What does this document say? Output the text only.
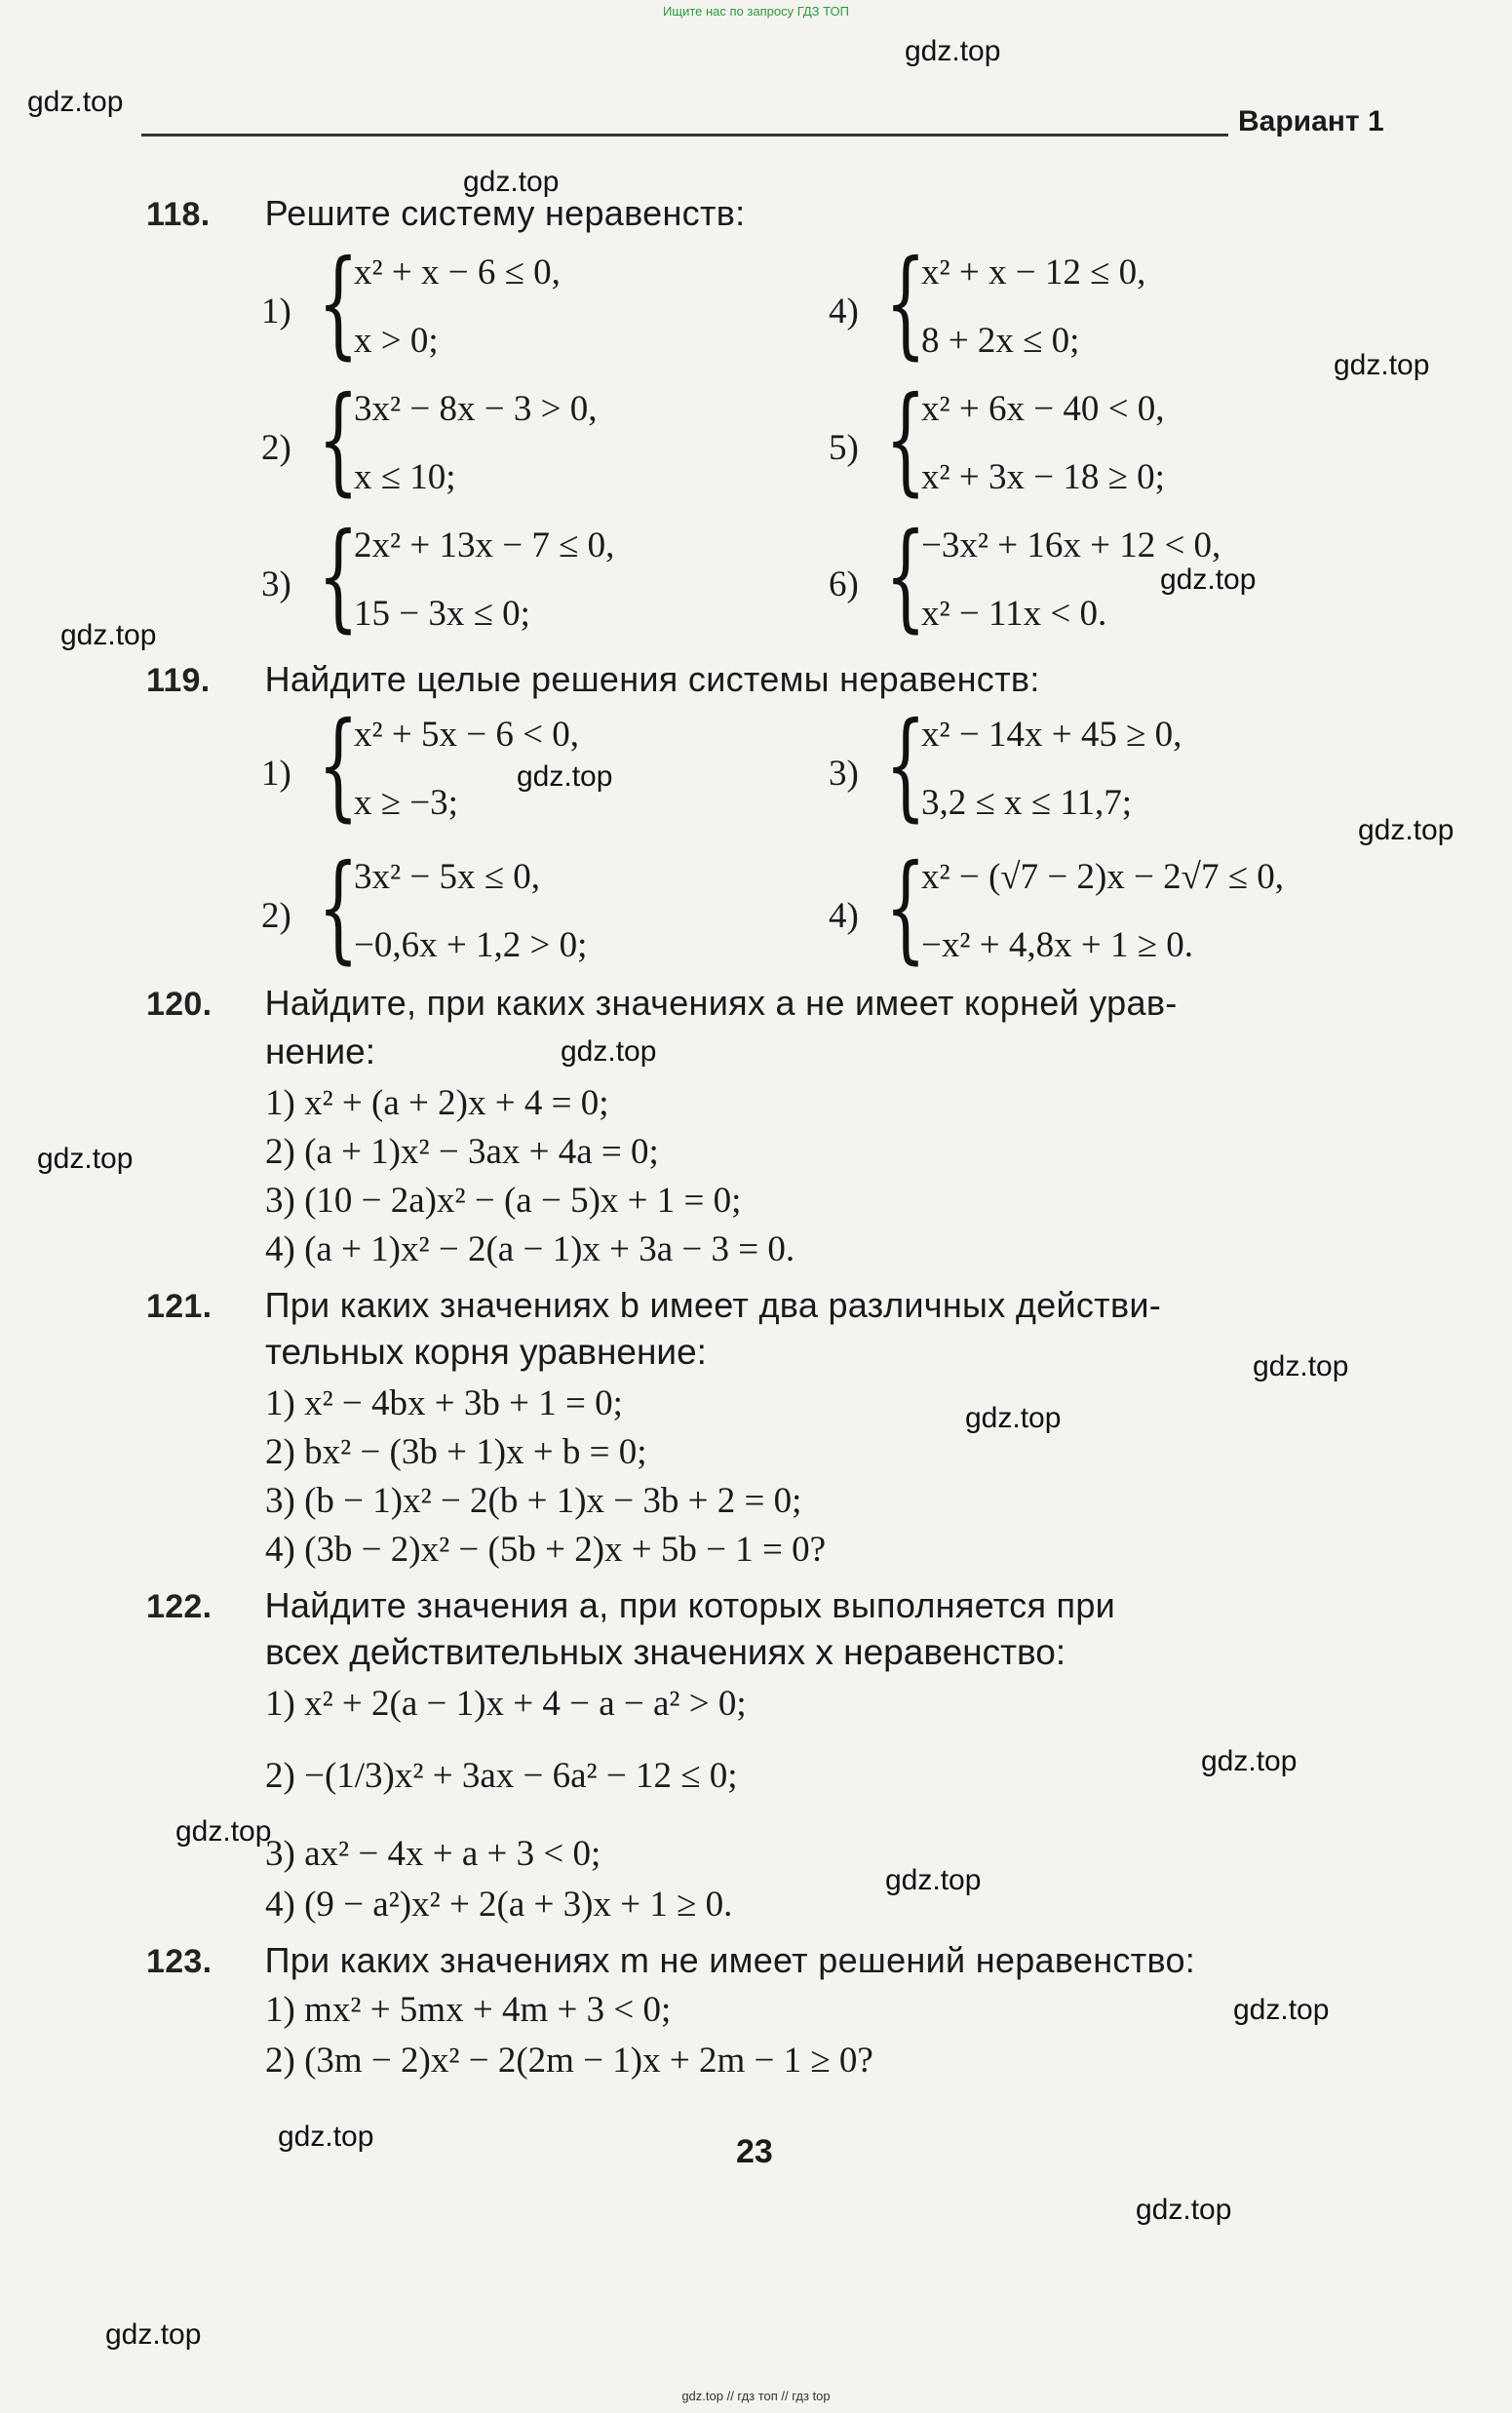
Ищите нас по запросу ГДЗ ТОП
Вариант 1
118. Решите систему неравенств:
1) {
x² + x − 6 ≤ 0,
x > 0;
2) {
3x² − 8x − 3 > 0,
x ≤ 10;
3) {
2x² + 13x − 7 ≤ 0,
15 − 3x ≤ 0;
4) {
x² + x − 12 ≤ 0,
8 + 2x ≤ 0;
5) {
x² + 6x − 40 < 0,
x² + 3x − 18 ≥ 0;
6) {
−3x² + 16x + 12 < 0,
x² − 11x < 0.
119. Найдите целые решения системы неравенств:
1) {
x² + 5x − 6 < 0,
x ≥ −3;
2) {
3x² − 5x ≤ 0,
−0,6x + 1,2 > 0;
3) {
x² − 14x + 45 ≥ 0,
3,2 ≤ x ≤ 11,7;
4) {
x² − (√7 − 2)x − 2√7 ≤ 0,
−x² + 4,8x + 1 ≥ 0.
120. Найдите, при каких значениях a не имеет корней урав-
нение:
1) x² + (a + 2)x + 4 = 0;
2) (a + 1)x² − 3ax + 4a = 0;
3) (10 − 2a)x² − (a − 5)x + 1 = 0;
4) (a + 1)x² − 2(a − 1)x + 3a − 3 = 0.
121. При каких значениях b имеет два различных действи-
тельных корня уравнение:
1) x² − 4bx + 3b + 1 = 0;
2) bx² − (3b + 1)x + b = 0;
3) (b − 1)x² − 2(b + 1)x − 3b + 2 = 0;
4) (3b − 2)x² − (5b + 2)x + 5b − 1 = 0?
122. Найдите значения a, при которых выполняется при
всех действительных значениях x неравенство:
1) x² + 2(a − 1)x + 4 − a − a² > 0;
2) −(1/3)x² + 3ax − 6a² − 12 ≤ 0;
3) ax² − 4x + a + 3 < 0;
4) (9 − a²)x² + 2(a + 3)x + 1 ≥ 0.
123. При каких значениях m не имеет решений неравенство:
1) mx² + 5mx + 4m + 3 < 0;
2) (3m − 2)x² − 2(2m − 1)x + 2m − 1 ≥ 0?
23
gdz.top
gdz.top
gdz.top
gdz.top
gdz.top
gdz.top
gdz.top
gdz.top
gdz.top
gdz.top
gdz.top
gdz.top
gdz.top
gdz.top
gdz.top
gdz.top
gdz.top
gdz.top
gdz.top
gdz.top // гдз топ // гдз top
